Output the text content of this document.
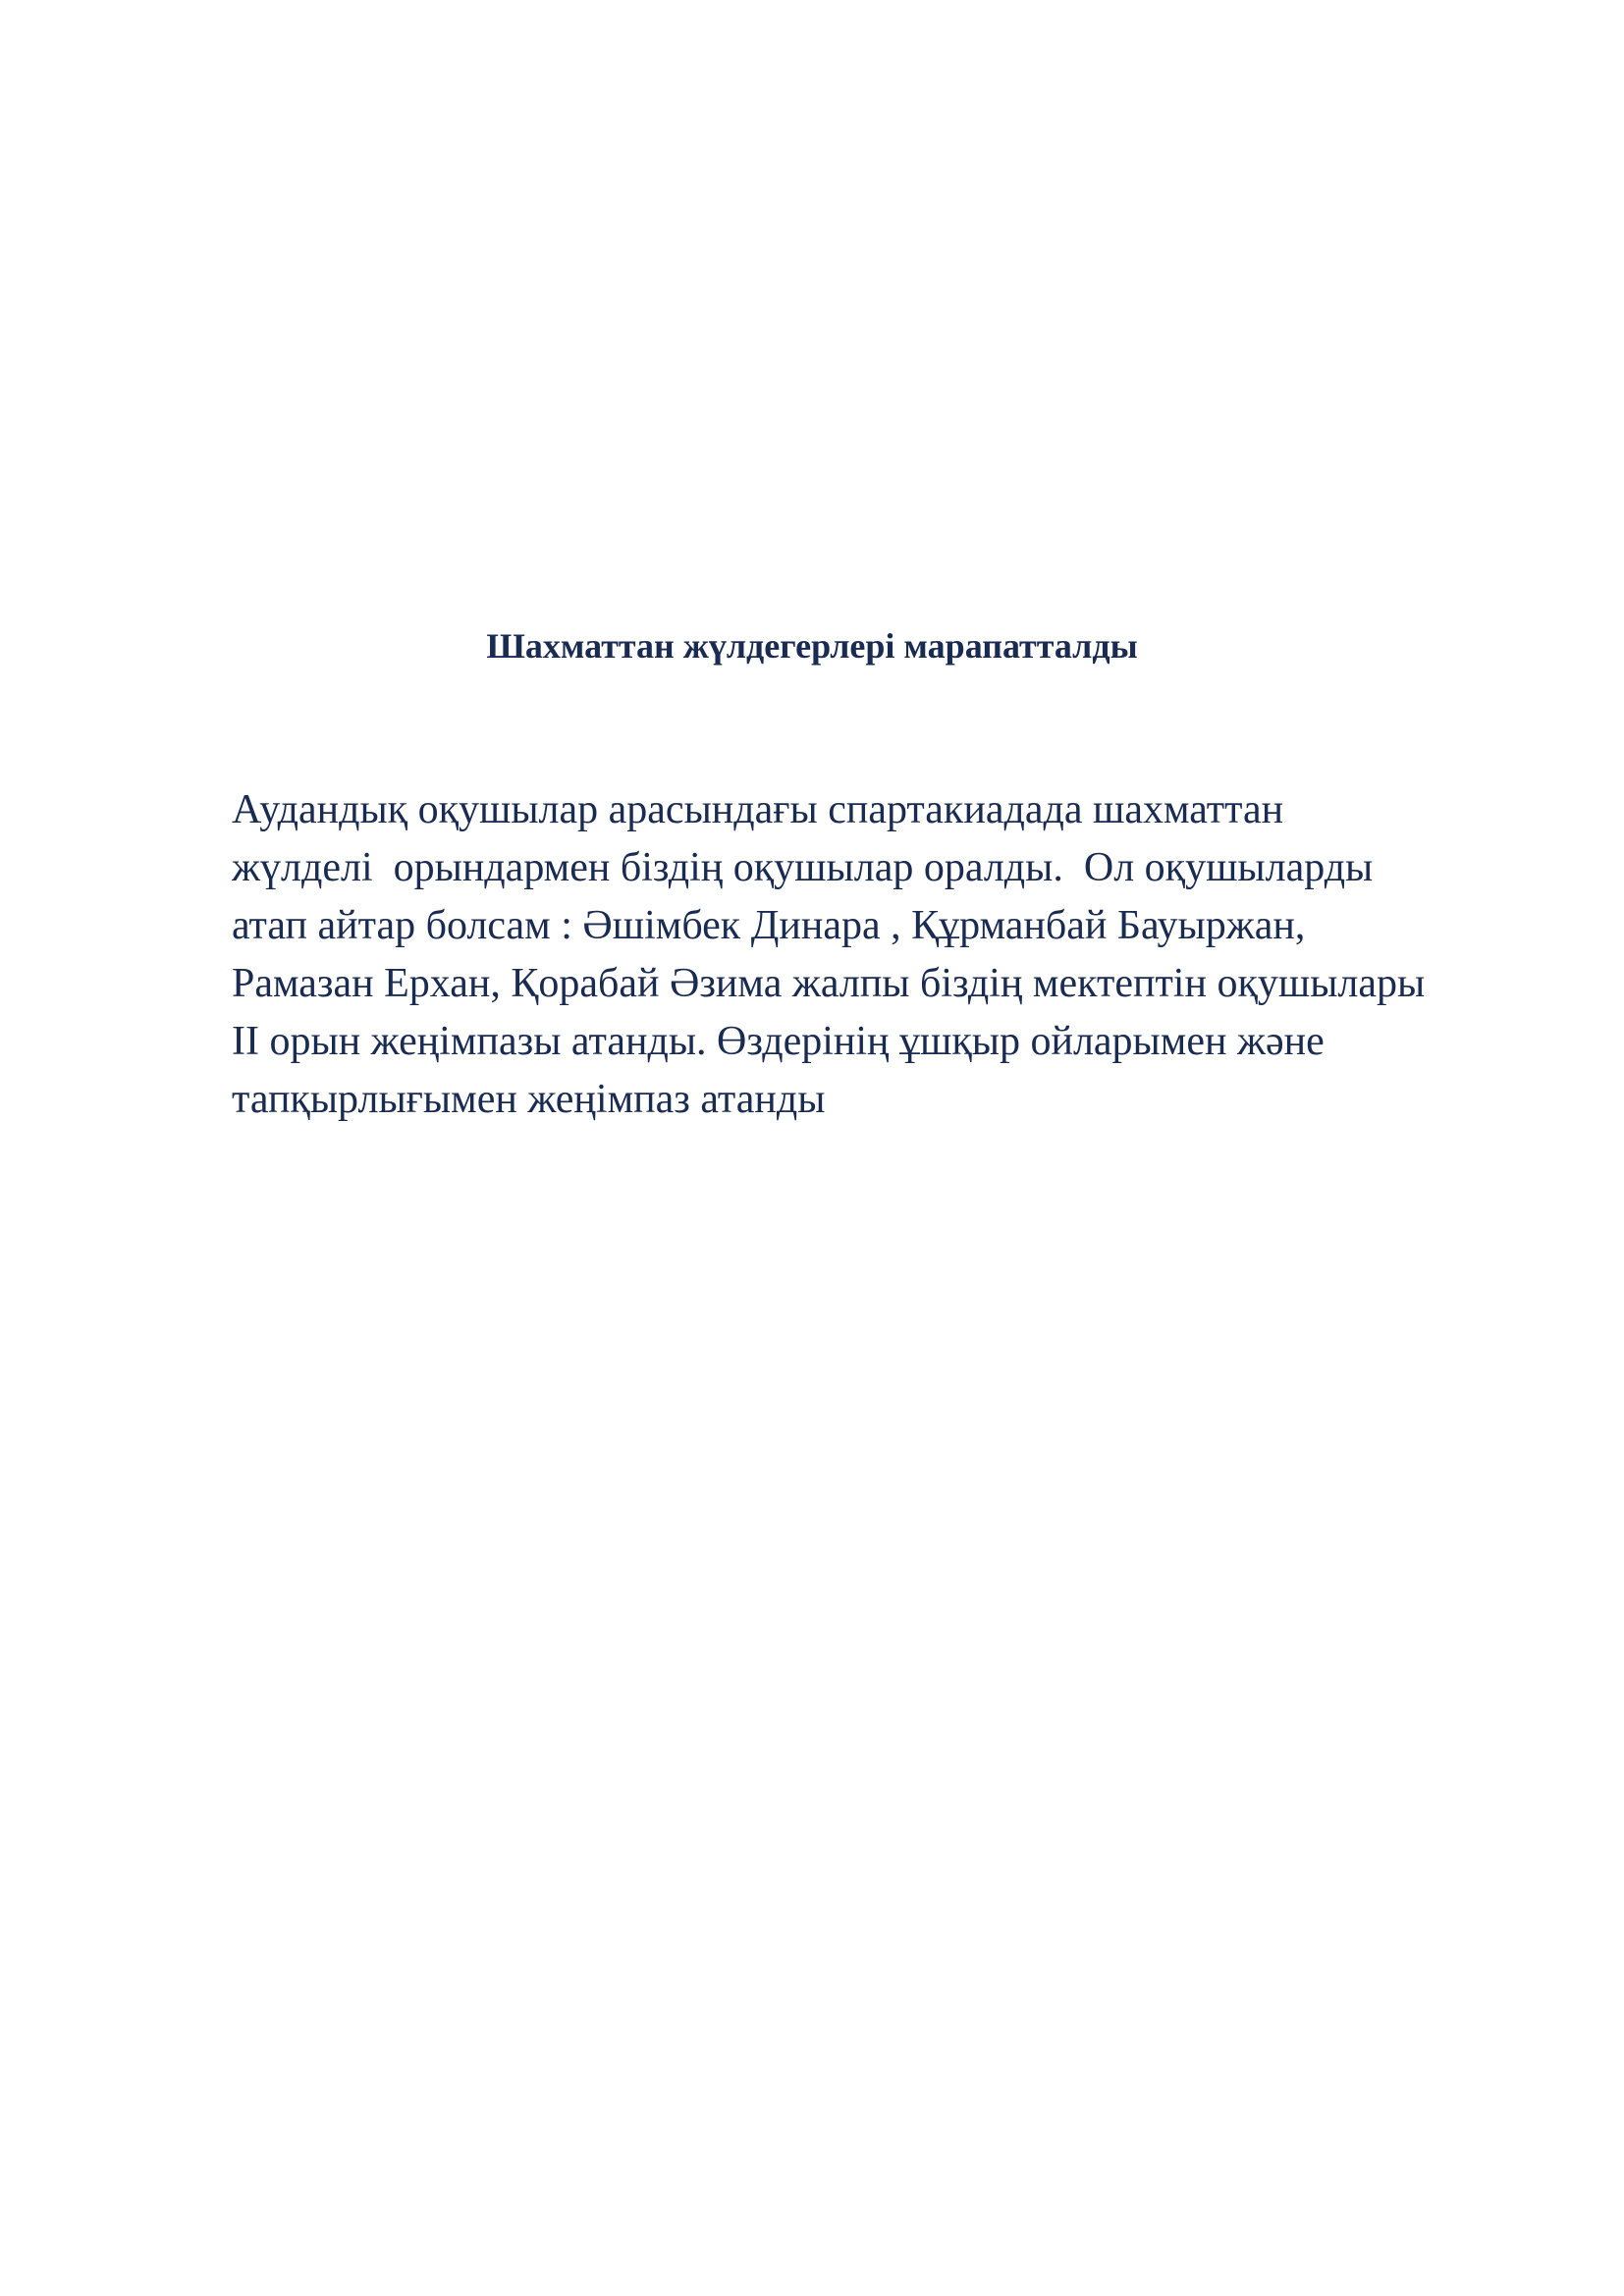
Шахматтан жүлдегерлері марапатталды
Аудандық оқушылар арасындағы спартакиадада шахматтан
жүлделі  орындармен біздің оқушылар оралды.  Ол оқушыларды
атап айтар болсам : Әшімбек Динара , Құрманбай Бауыржан,
Рамазан Ерхан, Қорабай Әзима жалпы біздің мектептін оқушылары
II орын жеңімпазы атанды. Өздерінің ұшқыр ойларымен және
тапқырлығымен жеңімпаз атанды
